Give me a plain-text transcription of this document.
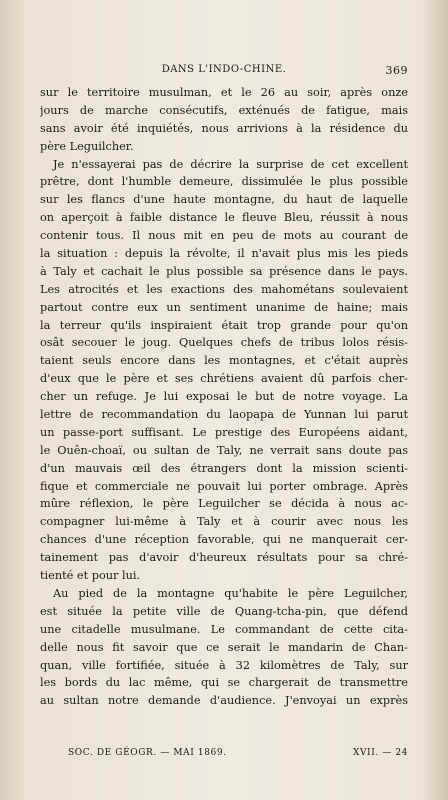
DANS L'INDO-CHINE.	369
sur le territoire musulman, et le 26 au soir, après onze
jours de marche consécutifs, exténués de fatigue, mais
sans avoir été inquiétés, nous arrivions à la résidence du
père Leguilcher.
Je n'essayerai pas de décrire la surprise de cet excellent
prêtre, dont l'humble demeure, dissimulée le plus possible
sur les flancs d'une haute montagne, du haut de laquelle
on aperçoit à faible distance le fleuve Bleu, réussit à nous
contenir tous. Il nous mit en peu de mots au courant de
la situation : depuis la révolte, il n'avait plus mis les pieds
à Taly et cachait le plus possible sa présence dans le pays.
Les atrocités et les exactions des mahométans soulevaient
partout contre eux un sentiment unanime de haine; mais
la terreur qu'ils inspiraient était trop grande pour qu'on
osât secouer le joug. Quelques chefs de tribus lolos résis-
taient seuls encore dans les montagnes, et c'était auprès
d'eux que le père et ses chrétiens avaient dû parfois cher-
cher un refuge. Je lui exposai le but de notre voyage. La
lettre de recommandation du laopapa de Yunnan lui parut
un passe-port suffisant. Le prestige des Européens aidant,
le Ouên-choaï, ou sultan de Taly, ne verrait sans doute pas
d'un mauvais œil des étrangers dont la mission scienti-
fique et commerciale ne pouvait lui porter ombrage. Après
mûre réflexion, le père Leguilcher se décida à nous ac-
compagner lui-même à Taly et à courir avec nous les
chances d'une réception favorable, qui ne manquerait cer-
tainement pas d'avoir d'heureux résultats pour sa chré-
tienté et pour lui.
Au pied de la montagne qu'habite le père Leguilcher,
est située la petite ville de Quang-tcha-pin, que défend
une citadelle musulmane. Le commandant de cette cita-
delle nous fit savoir que ce serait le mandarin de Chan-
quan, ville fortifiée, située à 32 kilomètres de Taly, sur
les bords du lac même, qui se chargerait de transmettre
au sultan notre demande d'audience. J'envoyai un exprès
SOC. DE GÉOGR. — MAI 1869.	XVII. — 24
